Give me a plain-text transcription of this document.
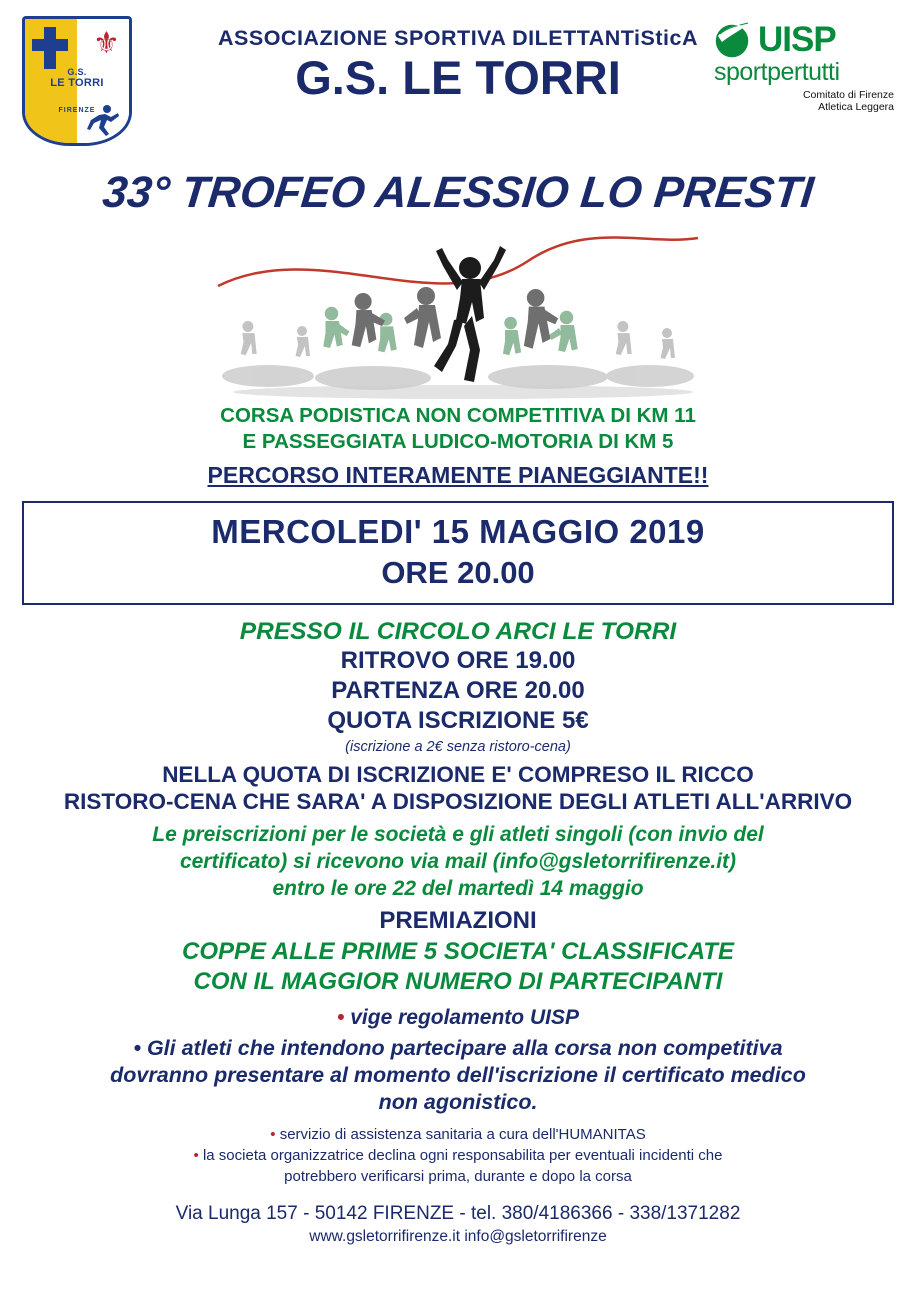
⚜
G.S.
LE TORRI
FIRENZE
UISP
sportpertutti
Comitato di Firenze
Atletica Leggera
ASSOCIAZIONE SPORTIVA DILETTANTiSticA
G.S. LE TORRI
33° TROFEO ALESSIO LO PRESTI
CORSA PODISTICA NON COMPETITIVA DI KM 11
E PASSEGGIATA LUDICO-MOTORIA DI KM 5
PERCORSO INTERAMENTE PIANEGGIANTE!!
MERCOLEDI' 15 MAGGIO 2019
ORE 20.00
PRESSO IL CIRCOLO ARCI LE TORRI
RITROVO ORE 19.00
PARTENZA ORE 20.00
QUOTA ISCRIZIONE 5€
(iscrizione a 2€ senza ristoro-cena)
NELLA QUOTA DI ISCRIZIONE E' COMPRESO IL RICCO
RISTORO-CENA CHE SARA' A DISPOSIZIONE DEGLI ATLETI ALL'ARRIVO
Le preiscrizioni per le società e gli atleti singoli (con invio del
certificato) si ricevono via mail (info@gsletorrifirenze.it)
entro le ore 22 del martedì 14 maggio
PREMIAZIONI
COPPE ALLE PRIME 5 SOCIETA' CLASSIFICATE
CON IL MAGGIOR NUMERO DI PARTECIPANTI
• vige regolamento UISP
• Gli atleti che intendono partecipare alla corsa non competitiva
dovranno presentare al momento dell'iscrizione il certificato medico
non agonistico.
• servizio di assistenza sanitaria a cura dell'HUMANITAS
• la societa organizzatrice declina ogni responsabilita per eventuali incidenti che
potrebbero verificarsi prima, durante e dopo la corsa
Via Lunga 157 - 50142 FIRENZE - tel. 380/4186366 - 338/1371282
www.gsletorrifirenze.it info@gsletorrifirenze
